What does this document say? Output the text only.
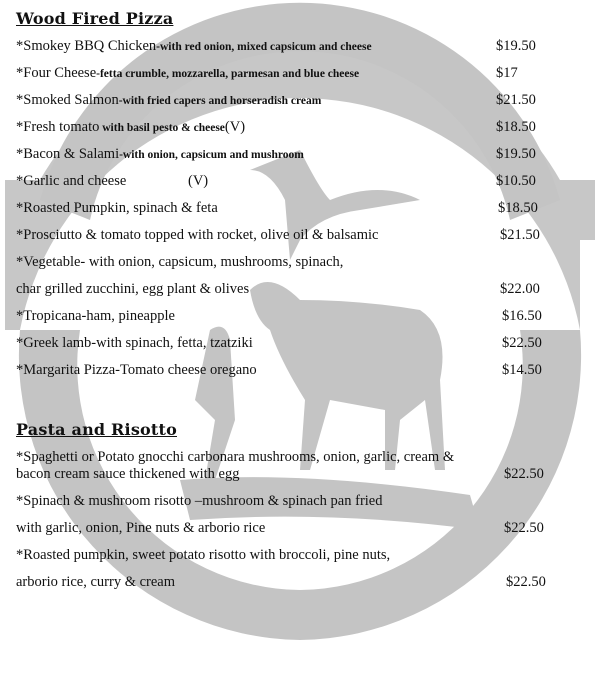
Wood Fired Pizza
*Smokey BBQ Chicken-with red onion, mixed capsicum and cheese	$19.50
*Four Cheese-fetta crumble, mozzarella, parmesan and blue cheese	$17
*Smoked Salmon-with fried capers and horseradish cream	$21.50
*Fresh tomato with basil pesto & cheese(V)	$18.50
*Bacon & Salami-with onion, capsicum and mushroom	$19.50
*Garlic and cheese	(V)	$10.50
*Roasted Pumpkin, spinach & feta	$18.50
*Prosciutto & tomato topped with rocket, olive oil & balsamic	$21.50
*Vegetable- with onion, capsicum, mushrooms, spinach,
char grilled zucchini, egg plant & olives	$22.00
*Tropicana-ham, pineapple	$16.50
*Greek lamb-with spinach, fetta, tzatziki	$22.50
*Margarita Pizza-Tomato cheese oregano	$14.50
Pasta and Risotto
*Spaghetti or Potato gnocchi carbonara mushrooms, onion, garlic, cream &
bacon cream sauce thickened with egg	$22.50
*Spinach & mushroom risotto –mushroom & spinach pan fried
with garlic, onion, Pine nuts & arborio rice	$22.50
*Roasted pumpkin, sweet potato risotto with broccoli, pine nuts,
arborio rice, curry & cream	$22.50
